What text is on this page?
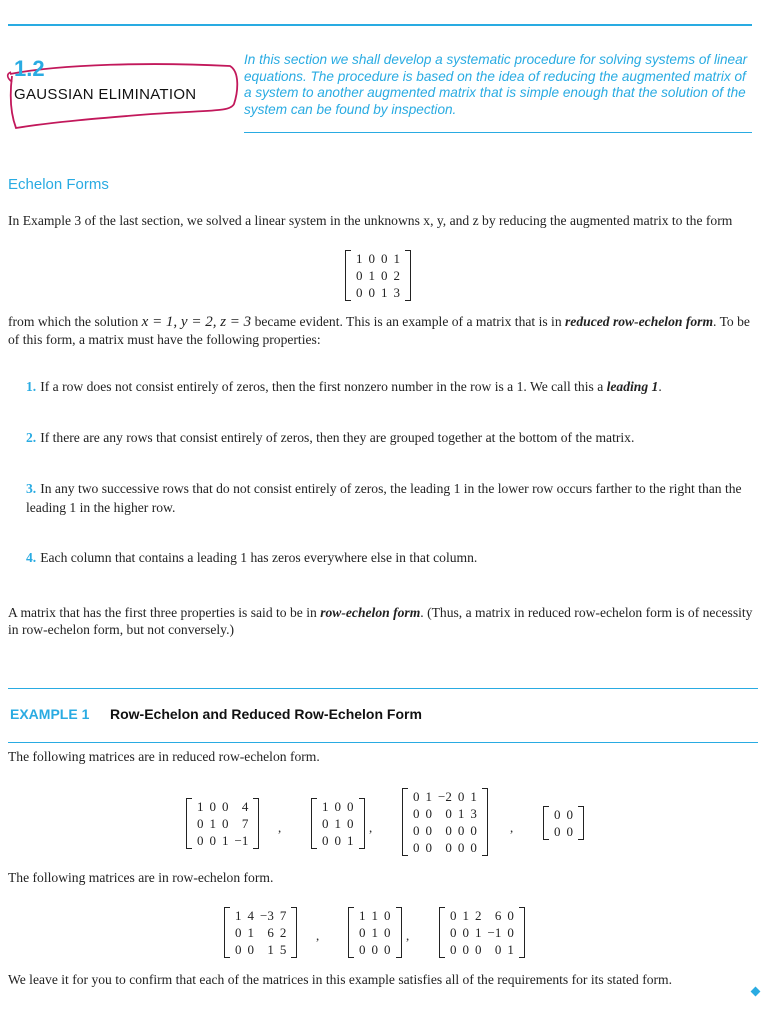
1.2
GAUSSIAN ELIMINATION
In this section we shall develop a systematic procedure for solving systems of linear equations. The procedure is based on the idea of reducing the augmented matrix of a system to another augmented matrix that is simple enough that the solution of the system can be found by inspection.
Echelon Forms
In Example 3 of the last section, we solved a linear system in the unknowns x, y, and z by reducing the augmented matrix to the form
1	0	0	1
0	1	0	2
0	0	1	3
from which the solution x = 1, y = 2, z = 3 became evident. This is an example of a matrix that is in reduced row-echelon form. To be of this form, a matrix must have the following properties:
1. If a row does not consist entirely of zeros, then the first nonzero number in the row is a 1. We call this a leading 1.
2. If there are any rows that consist entirely of zeros, then they are grouped together at the bottom of the matrix.
3. In any two successive rows that do not consist entirely of zeros, the leading 1 in the lower row occurs farther to the right than the leading 1 in the higher row.
4. Each column that contains a leading 1 has zeros everywhere else in that column.
A matrix that has the first three properties is said to be in row-echelon form. (Thus, a matrix in reduced row-echelon form is of necessity in row-echelon form, but not conversely.)
EXAMPLE 1 Row-Echelon and Reduced Row-Echelon Form
The following matrices are in reduced row-echelon form.
1	0	0	4
0	1	0	7
0	0	1	−1
,
1	0	0
0	1	0
0	0	1
,
0	1	−2	0	1
0	0	0	1	3
0	0	0	0	0
0	0	0	0	0
,
0	0
0	0
The following matrices are in row-echelon form.
1	4	−3	7
0	1	6	2
0	0	1	5
,
1	1	0
0	1	0
0	0	0
,
0	1	2	6	0
0	0	1	−1	0
0	0	0	0	1
We leave it for you to confirm that each of the matrices in this example satisfies all of the requirements for its stated form.
